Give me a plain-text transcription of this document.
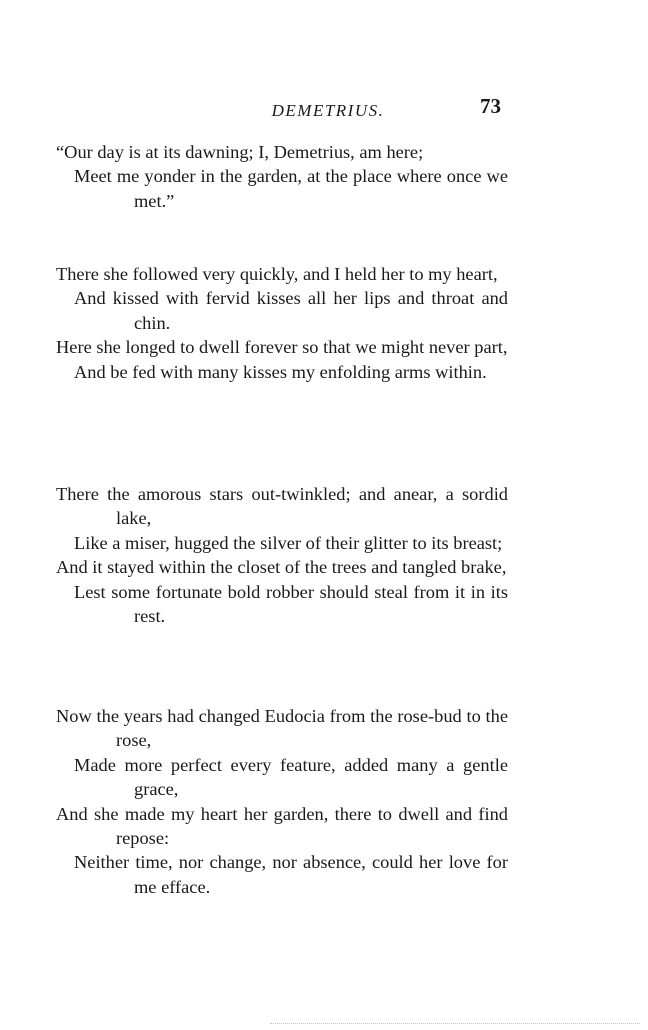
DEMETRIUS.	73

“Our day is at its dawning; I, Demetrius, am here;

Meet me yonder in the garden, at the place where once we met.”

There she followed very quickly, and I held her to my heart,

And kissed with fervid kisses all her lips and throat and chin.

Here she longed to dwell forever so that we might never part,

And be fed with many kisses my enfolding arms within.

There the amorous stars out-twinkled; and anear, a sordid lake,

Like a miser, hugged the silver of their glitter to its breast;

And it stayed within the closet of the trees and tangled brake,

Lest some fortunate bold robber should steal from it in its rest.

Now the years had changed Eudocia from the rose-bud to the rose,

Made more perfect every feature, added many a gentle grace,

And she made my heart her garden, there to dwell and find repose:

Neither time, nor change, nor absence, could her love for me efface.
